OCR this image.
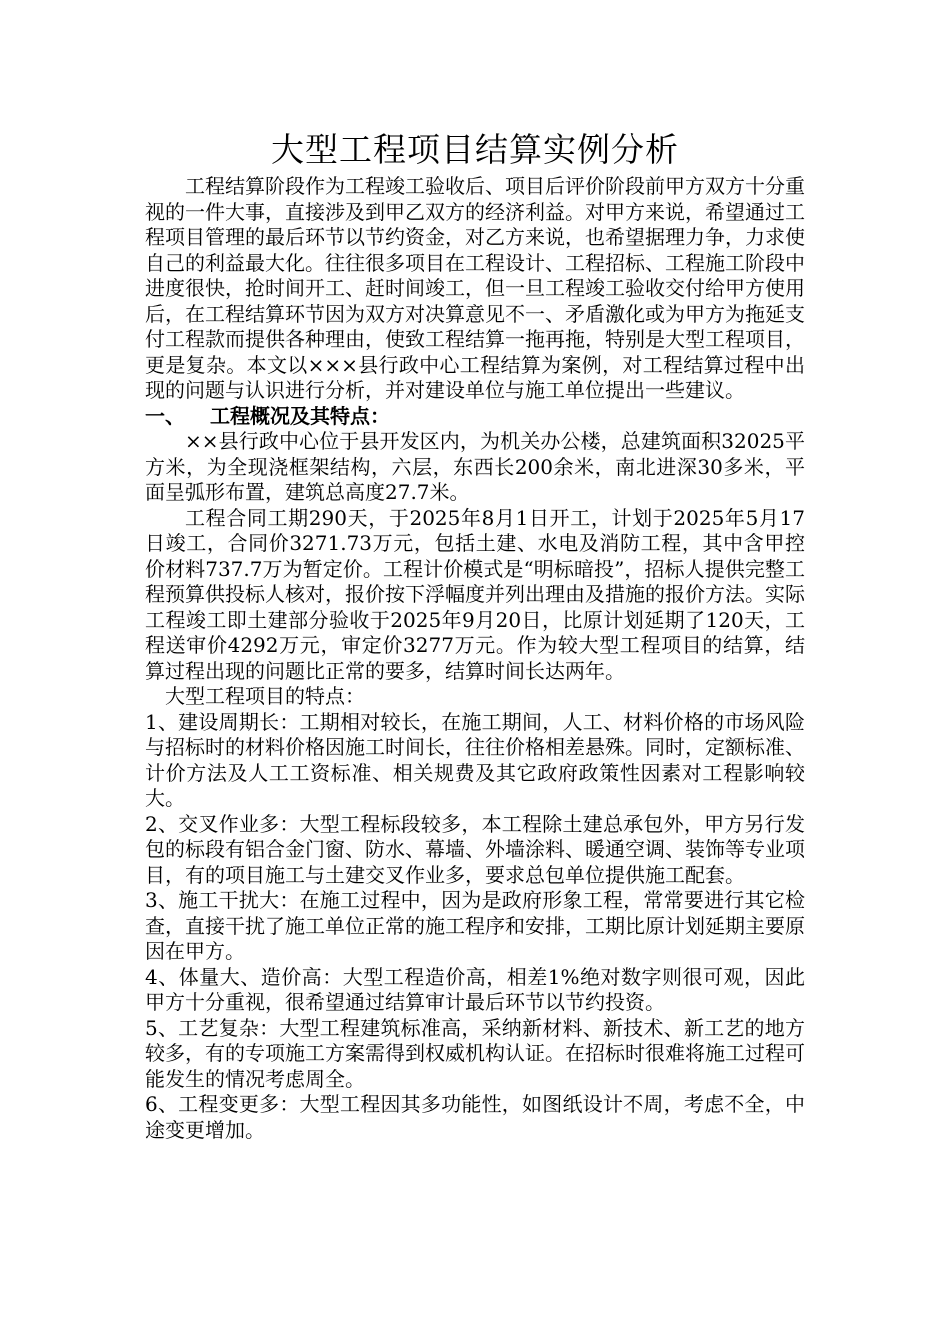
大型工程项目结算实例分析

工程结算阶段作为工程竣工验收后、项目后评价阶段前甲方双方十分重视的一件大事，直接涉及到甲乙双方的经济利益。对甲方来说，希望通过工程项目管理的最后环节以节约资金，对乙方来说，也希望据理力争，力求使自己的利益最大化。往往很多项目在工程设计、工程招标、工程施工阶段中进度很快，抢时间开工、赶时间竣工，但一旦工程竣工验收交付给甲方使用后，在工程结算环节因为双方对决算意见不一、矛盾激化或为甲方为拖延支付工程款而提供各种理由，使致工程结算一拖再拖，特别是大型工程项目，更是复杂。本文以×××县行政中心工程结算为案例，对工程结算过程中出现的问题与认识进行分析，并对建设单位与施工单位提出一些建议。

一、	工程概况及其特点：

××县行政中心位于县开发区内，为机关办公楼，总建筑面积32025平方米，为全现浇框架结构，六层，东西长200余米，南北进深30多米，平面呈弧形布置，建筑总高度27.7米。

工程合同工期290天，于2025年8月1日开工，计划于2025年5月17日竣工，合同价3271.73万元，包括土建、水电及消防工程，其中含甲控价材料737.7万为暂定价。工程计价模式是“明标暗投”，招标人提供完整工程预算供投标人核对，报价按下浮幅度并列出理由及措施的报价方法。实际工程竣工即土建部分验收于2025年9月20日，比原计划延期了120天，工程送审价4292万元，审定价3277万元。作为较大型工程项目的结算，结算过程出现的问题比正常的要多，结算时间长达两年。

大型工程项目的特点：

1、建设周期长：工期相对较长，在施工期间，人工、材料价格的市场风险与招标时的材料价格因施工时间长，往往价格相差悬殊。同时，定额标准、计价方法及人工工资标准、相关规费及其它政府政策性因素对工程影响较大。

2、交叉作业多：大型工程标段较多，本工程除土建总承包外，甲方另行发包的标段有铝合金门窗、防水、幕墙、外墙涂料、暖通空调、装饰等专业项目，有的项目施工与土建交叉作业多，要求总包单位提供施工配套。

3、施工干扰大：在施工过程中，因为是政府形象工程，常常要进行其它检查，直接干扰了施工单位正常的施工程序和安排，工期比原计划延期主要原因在甲方。

4、体量大、造价高：大型工程造价高，相差1%绝对数字则很可观，因此甲方十分重视，很希望通过结算审计最后环节以节约投资。

5、工艺复杂：大型工程建筑标准高，采纳新材料、新技术、新工艺的地方较多，有的专项施工方案需得到权威机构认证。在招标时很难将施工过程可能发生的情况考虑周全。

6、工程变更多：大型工程因其多功能性，如图纸设计不周，考虑不全，中途变更增加。
